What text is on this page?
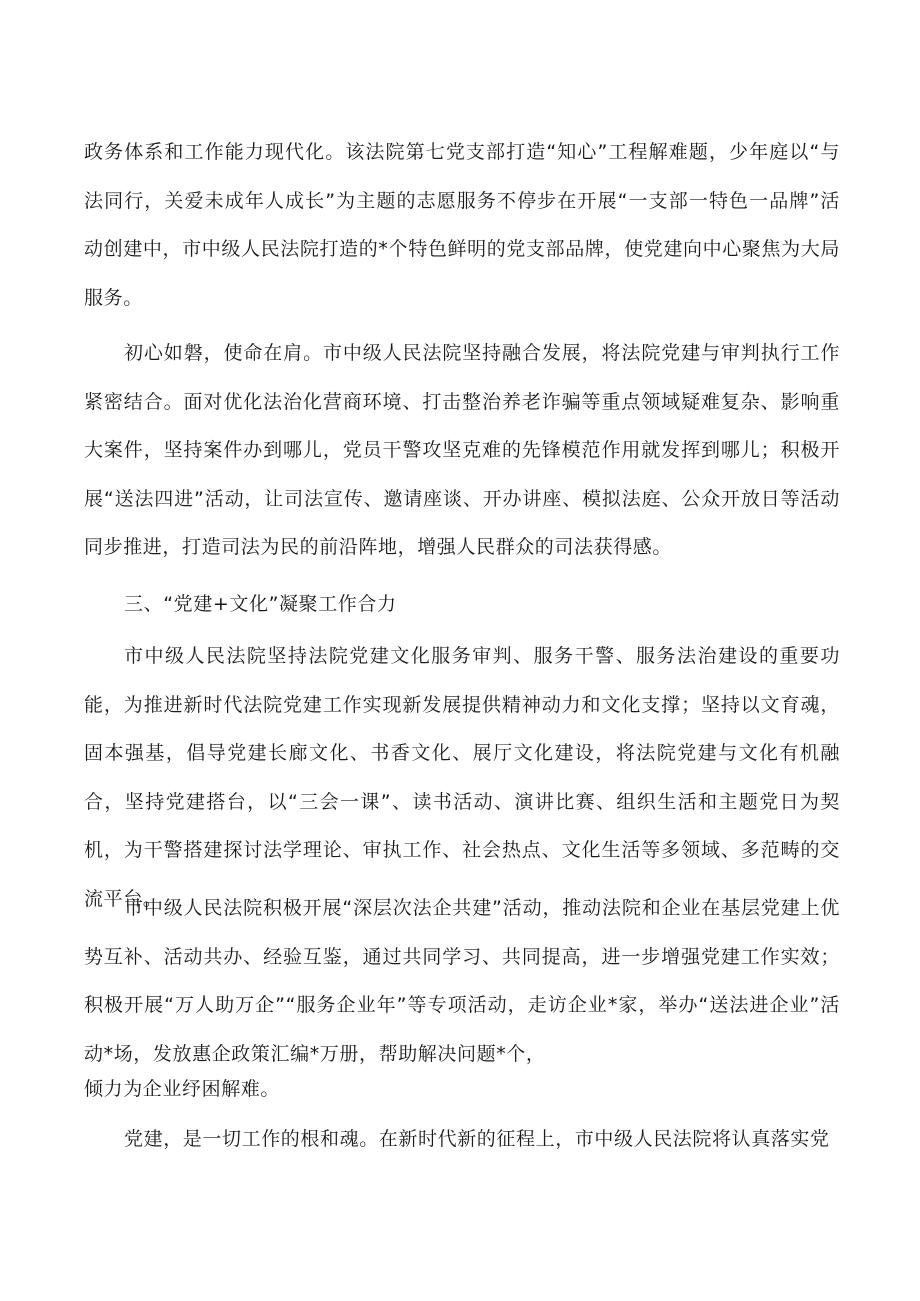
政务体系和工作能力现代化。该法院第七党支部打造“知心”工程解难题，少年庭以“与法同行，关爱未成年人成长”为主题的志愿服务不停步在开展“一支部一特色一品牌”活动创建中，市中级人民法院打造的*个特色鲜明的党支部品牌，使党建向中心聚焦为大局服务。

初心如磐，使命在肩。市中级人民法院坚持融合发展，将法院党建与审判执行工作紧密结合。面对优化法治化营商环境、打击整治养老诈骗等重点领域疑难复杂、影响重大案件，坚持案件办到哪儿，党员干警攻坚克难的先锋模范作用就发挥到哪儿；积极开展“送法四进”活动，让司法宣传、邀请座谈、开办讲座、模拟法庭、公众开放日等活动同步推进，打造司法为民的前沿阵地，增强人民群众的司法获得感。

三、“党建+文化”凝聚工作合力

市中级人民法院坚持法院党建文化服务审判、服务干警、服务法治建设的重要功能，为推进新时代法院党建工作实现新发展提供精神动力和文化支撑；坚持以文育魂，固本强基，倡导党建长廊文化、书香文化、展厅文化建设，将法院党建与文化有机融合，坚持党建搭台，以“三会一课”、读书活动、演讲比赛、组织生活和主题党日为契机，为干警搭建探讨法学理论、审执工作、社会热点、文化生活等多领域、多范畴的交流平台。

市中级人民法院积极开展“深层次法企共建”活动，推动法院和企业在基层党建上优势互补、活动共办、经验互鉴，通过共同学习、共同提高，进一步增强党建工作实效；积极开展“万人助万企”“服务企业年”等专项活动，走访企业*家，举办“送法进企业”活动*场，发放惠企政策汇编*万册，帮助解决问题*个，
倾力为企业纾困解难。

党建，是一切工作的根和魂。在新时代新的征程上，市中级人民法院将认真落实党
